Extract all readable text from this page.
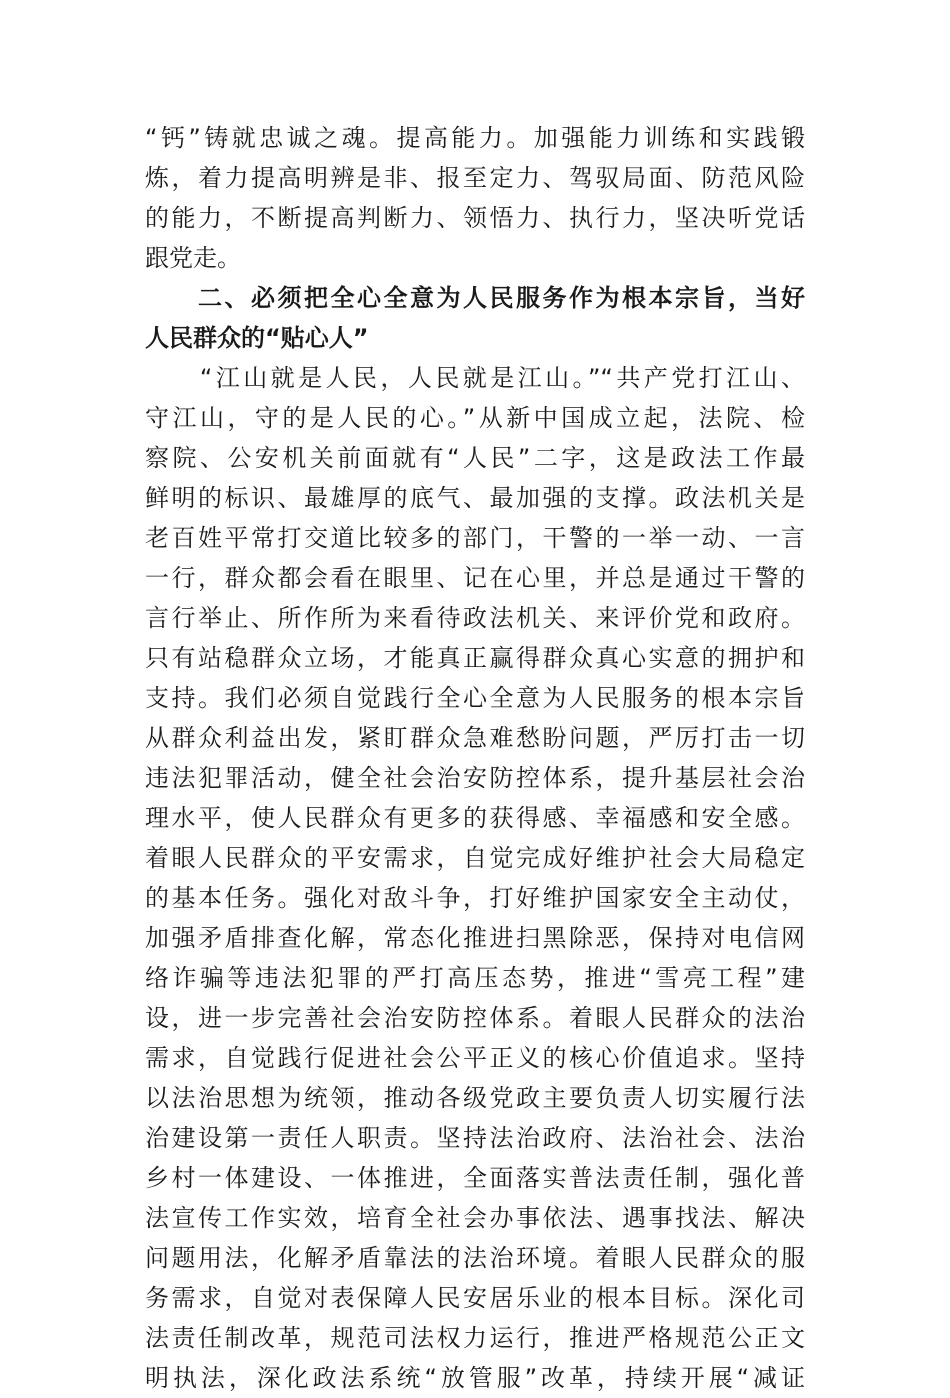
“钙”铸就忠诚之魂。提高能力。加强能力训练和实践锻
炼，着力提高明辨是非、报至定力、驾驭局面、防范风险
的能力，不断提高判断力、领悟力、执行力，坚决听党话
跟党走。
　　二、必须把全心全意为人民服务作为根本宗旨，当好
人民群众的“贴心人”
　　“江山就是人民，人民就是江山。”“共产党打江山、
守江山，守的是人民的心。”从新中国成立起，法院、检
察院、公安机关前面就有“人民”二字，这是政法工作最
鲜明的标识、最雄厚的底气、最加强的支撑。政法机关是
老百姓平常打交道比较多的部门，干警的一举一动、一言
一行，群众都会看在眼里、记在心里，并总是通过干警的
言行举止、所作所为来看待政法机关、来评价党和政府。
只有站稳群众立场，才能真正赢得群众真心实意的拥护和
支持。我们必须自觉践行全心全意为人民服务的根本宗旨
从群众利益出发，紧盯群众急难愁盼问题，严厉打击一切
违法犯罪活动，健全社会治安防控体系，提升基层社会治
理水平，使人民群众有更多的获得感、幸福感和安全感。
着眼人民群众的平安需求，自觉完成好维护社会大局稳定
的基本任务。强化对敌斗争，打好维护国家安全主动仗，
加强矛盾排查化解，常态化推进扫黑除恶，保持对电信网
络诈骗等违法犯罪的严打高压态势，推进“雪亮工程”建
设，进一步完善社会治安防控体系。着眼人民群众的法治
需求，自觉践行促进社会公平正义的核心价值追求。坚持
以法治思想为统领，推动各级党政主要负责人切实履行法
治建设第一责任人职责。坚持法治政府、法治社会、法治
乡村一体建设、一体推进，全面落实普法责任制，强化普
法宣传工作实效，培育全社会办事依法、遇事找法、解决
问题用法，化解矛盾靠法的法治环境。着眼人民群众的服
务需求，自觉对表保障人民安居乐业的根本目标。深化司
法责任制改革，规范司法权力运行，推进严格规范公正文
明执法，深化政法系统“放管服”改革，持续开展“减证
